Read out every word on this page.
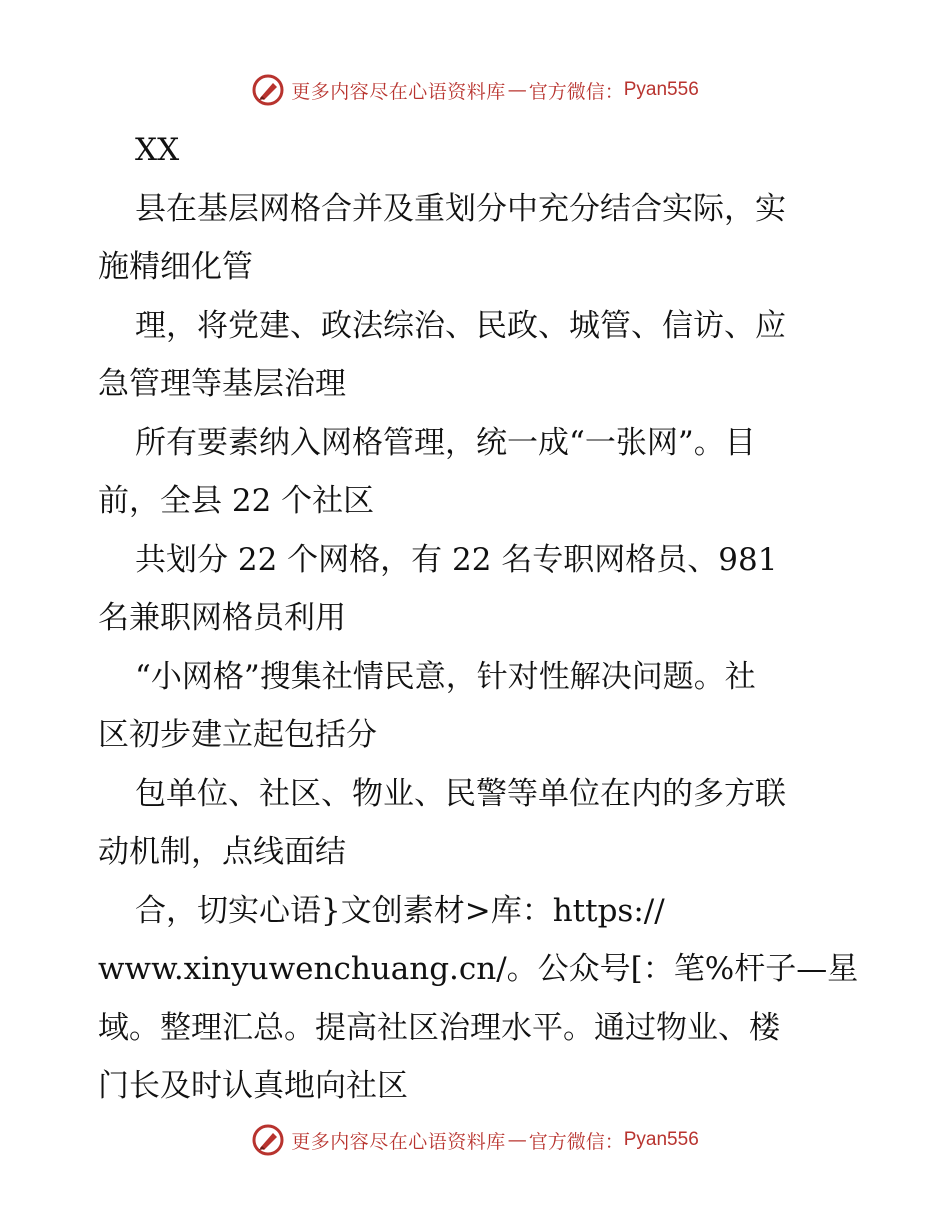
更多内容尽在心语资料库 — 官方微信： Pyan556
XX
县在基层网格合并及重划分中充分结合实际，实
施精细化管
理，将党建、政法综治、民政、城管、信访、应
急管理等基层治理
所有要素纳入网格管理，统一成“一张网”。目
前，全县 22 个社区
共划分 22 个网格，有 22 名专职网格员、981
名兼职网格员利用
“小网格”搜集社情民意，针对性解决问题。社
区初步建立起包括分
包单位、社区、物业、民警等单位在内的多方联
动机制，点线面结
合，切实心语}文创素材>库：https://
www.xinyuwenchuang.cn/。公众号[：笔%杆子—星
域。整理汇总。提高社区治理水平。通过物业、楼
门长及时认真地向社区
更多内容尽在心语资料库 — 官方微信： Pyan556
